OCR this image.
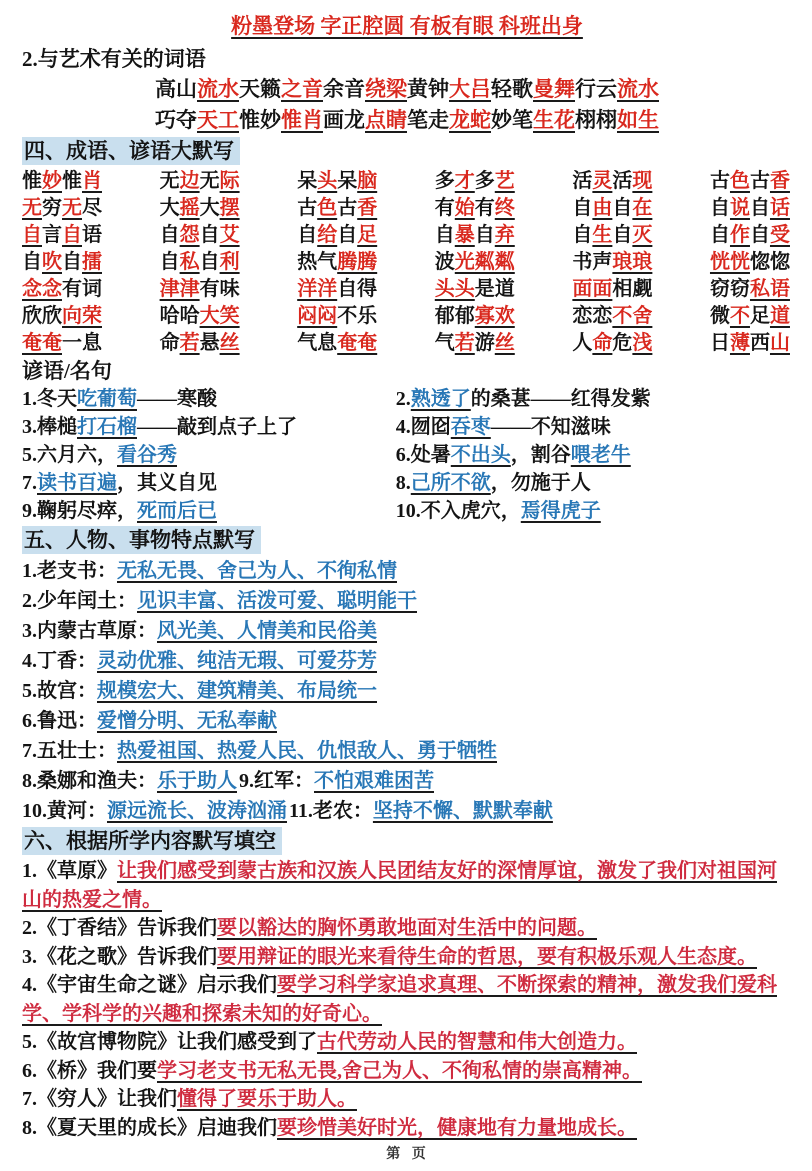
粉墨登场 字正腔圆 有板有眼 科班出身
2.与艺术有关的词语
高山流水天籁之音余音绕梁黄钟大吕轻歌曼舞行云流水
巧夺天工惟妙惟肖画龙点睛笔走龙蛇妙笔生花栩栩如生
四、成语、谚语大默写
惟妙惟肖	无边无际	呆头呆脑	多才多艺	活灵活现	古色古香
无穷无尽	大摇大摆	古色古香	有始有终	自由自在	自说自话
自言自语	自怨自艾	自给自足	自暴自弃	自生自灭	自作自受
自吹自擂	自私自利	热气腾腾	波光粼粼	书声琅琅	恍恍惚惚
念念有词	津津有味	洋洋自得	头头是道	面面相觑	窃窃私语
欣欣向荣	哈哈大笑	闷闷不乐	郁郁寡欢	恋恋不舍	微不足道
奄奄一息	命若悬丝	气息奄奄	气若游丝	人命危浅	日薄西山
谚语/名句
1.冬天吃葡萄——寒酸	2.熟透了的桑葚——红得发紫
3.棒槌打石榴——敲到点子上了	4.囫囵吞枣——不知滋味
5.六月六，看谷秀	6.处暑不出头，割谷喂老牛
7.读书百遍，其义自见	8.己所不欲，勿施于人
9.鞠躬尽瘁，死而后已	10.不入虎穴，焉得虎子
五、人物、事物特点默写
1.老支书：无私无畏、舍己为人、不徇私情
2.少年闰土：见识丰富、活泼可爱、聪明能干
3.内蒙古草原：风光美、人情美和民俗美
4.丁香：灵动优雅、纯洁无瑕、可爱芬芳
5.故宫：规模宏大、建筑精美、布局统一
6.鲁迅：爱憎分明、无私奉献
7.五壮士：热爱祖国、热爱人民、仇恨敌人、勇于牺牲
8.桑娜和渔夫：乐于助人 9.红军：不怕艰难困苦
10.黄河：源远流长、波涛汹涌 11.老农：坚持不懈、默默奉献
六、根据所学内容默写填空
1.《草原》让我们感受到蒙古族和汉族人民团结友好的深情厚谊，激发了我们对祖国河山的热爱之情。
2.《丁香结》告诉我们要以豁达的胸怀勇敢地面对生活中的问题。
3.《花之歌》告诉我们要用辩证的眼光来看待生命的哲思，要有积极乐观人生态度。
4.《宇宙生命之谜》启示我们要学习科学家追求真理、不断探索的精神，激发我们爱科学、学科学的兴趣和探索未知的好奇心。
5.《故宫博物院》让我们感受到了古代劳动人民的智慧和伟大创造力。
6.《桥》我们要学习老支书无私无畏,舍己为人、不徇私情的崇高精神。
7.《穷人》让我们懂得了要乐于助人。
8.《夏天里的成长》启迪我们要珍惜美好时光，健康地有力量地成长。
第 页
